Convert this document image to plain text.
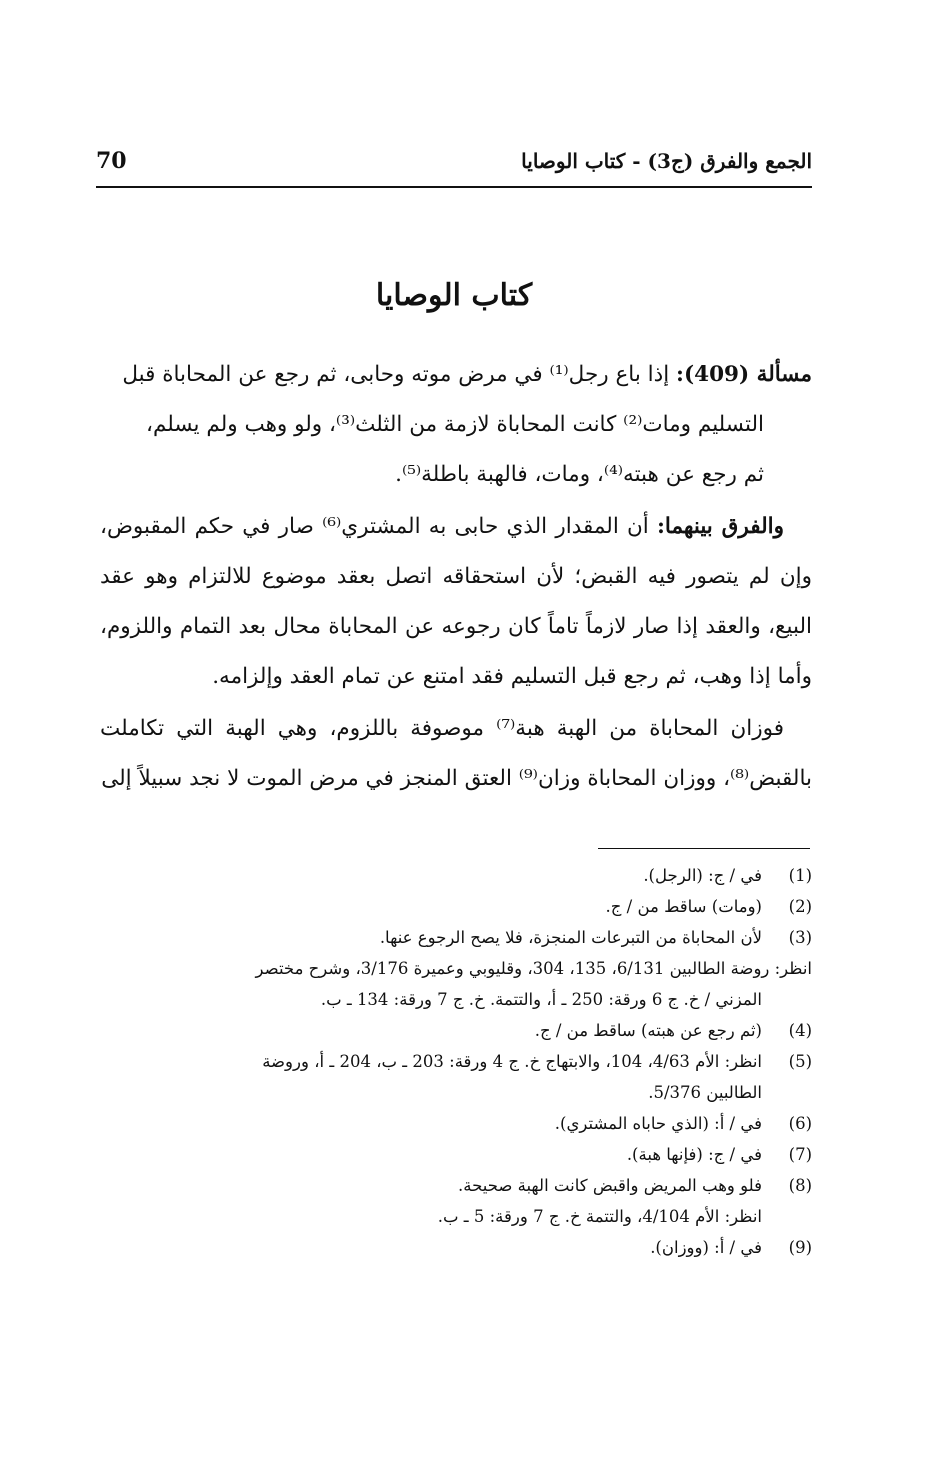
70	الجمع والفرق (ج3) - كتاب الوصايا
كتاب الوصايا
مسألة (409): إذا باع رجل⁽¹⁾ في مرض موته وحابى، ثم رجع عن المحاباة قبل
التسليم ومات⁽²⁾ كانت المحاباة لازمة من الثلث⁽³⁾، ولو وهب ولم يسلم،
ثم رجع عن هبته⁽⁴⁾، ومات، فالهبة باطلة⁽⁵⁾.
والفرق بينهما: أن المقدار الذي حابى به المشتري⁽⁶⁾ صار في حكم المقبوض، وإن لم يتصور فيه القبض؛ لأن استحقاقه اتصل بعقد موضوع للالتزام وهو عقد البيع، والعقد إذا صار لازماً تاماً كان رجوعه عن المحاباة محال بعد التمام واللزوم، وأما إذا وهب، ثم رجع قبل التسليم فقد امتنع عن تمام العقد وإلزامه.
فوزان المحاباة من الهبة هبة⁽⁷⁾ موصوفة باللزوم، وهي الهبة التي تكاملت بالقبض⁽⁸⁾، ووزان المحاباة وزان⁽⁹⁾ العتق المنجز في مرض الموت لا نجد سبيلاً إلى
(1)
في / ج: (الرجل).
(2)
(ومات) ساقط من / ج.
(3)
لأن المحاباة من التبرعات المنجزة، فلا يصح الرجوع عنها.
انظر: روضة الطالبين 6/131، 135، 304، وقليوبي وعميرة 3/176، وشرح مختصر
المزني / خ. ج 6 ورقة: 250 ـ أ، والتتمة. خ. ج 7 ورقة: 134 ـ ب.
(4)
(ثم رجع عن هبته) ساقط من / ج.
(5)
انظر: الأم 4/63، 104، والابتهاج خ. ج 4 ورقة: 203 ـ ب، 204 ـ أ، وروضة
الطالبين 5/376.
(6)
في / أ: (الذي حاباه المشتري).
(7)
في / ج: (فإنها هبة).
(8)
فلو وهب المريض واقبض كانت الهبة صحيحة.
انظر: الأم 4/104، والتتمة خ. ج 7 ورقة: 5 ـ ب.
(9)
في / أ: (ووزان).
